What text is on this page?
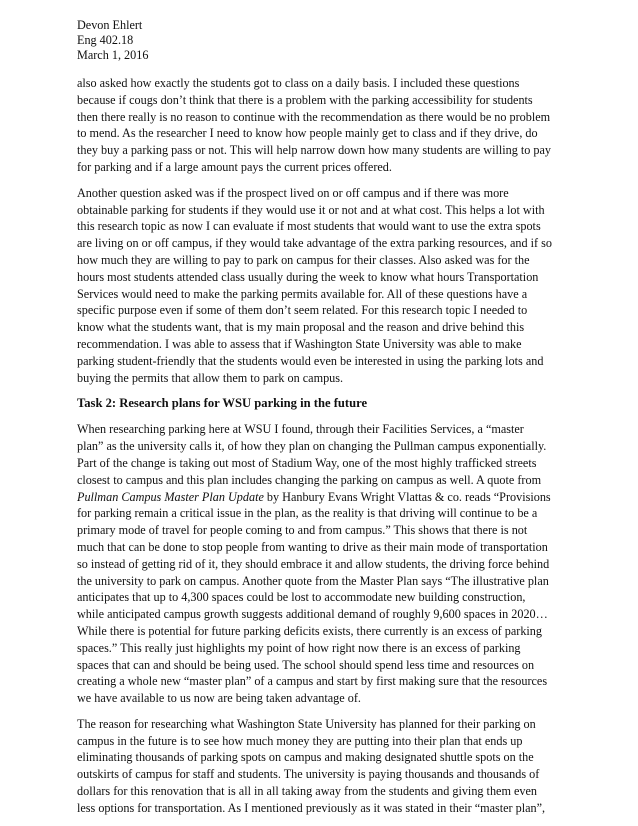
Devon Ehlert
Eng 402.18
March 1, 2016
also asked how exactly the students got to class on a daily basis. I included these questions
because if cougs don’t think that there is a problem with the parking accessibility for students
then there really is no reason to continue with the recommendation as there would be no problem
to mend. As the researcher I need to know how people mainly get to class and if they drive, do
they buy a parking pass or not. This will help narrow down how many students are willing to pay
for parking and if a large amount pays the current prices offered.
Another question asked was if the prospect lived on or off campus and if there was more
obtainable parking for students if they would use it or not and at what cost. This helps a lot with
this research topic as now I can evaluate if most students that would want to use the extra spots
are living on or off campus, if they would take advantage of the extra parking resources, and if so
how much they are willing to pay to park on campus for their classes. Also asked was for the
hours most students attended class usually during the week to know what hours Transportation
Services would need to make the parking permits available for. All of these questions have a
specific purpose even if some of them don’t seem related. For this research topic I needed to
know what the students want, that is my main proposal and the reason and drive behind this
recommendation. I was able to assess that if Washington State University was able to make
parking student-friendly that the students would even be interested in using the parking lots and
buying the permits that allow them to park on campus.
Task 2: Research plans for WSU parking in the future
When researching parking here at WSU I found, through their Facilities Services, a “master
plan” as the university calls it, of how they plan on changing the Pullman campus exponentially.
Part of the change is taking out most of Stadium Way, one of the most highly trafficked streets
closest to campus and this plan includes changing the parking on campus as well. A quote from
Pullman Campus Master Plan Update by Hanbury Evans Wright Vlattas & co. reads “Provisions
for parking remain a critical issue in the plan, as the reality is that driving will continue to be a
primary mode of travel for people coming to and from campus.” This shows that there is not
much that can be done to stop people from wanting to drive as their main mode of transportation
so instead of getting rid of it, they should embrace it and allow students, the driving force behind
the university to park on campus. Another quote from the Master Plan says “The illustrative plan
anticipates that up to 4,300 spaces could be lost to accommodate new building construction,
while anticipated campus growth suggests additional demand of roughly 9,600 spaces in 2020…
While there is potential for future parking deficits exists, there currently is an excess of parking
spaces.” This really just highlights my point of how right now there is an excess of parking
spaces that can and should be being used. The school should spend less time and resources on
creating a whole new “master plan” of a campus and start by first making sure that the resources
we have available to us now are being taken advantage of.
The reason for researching what Washington State University has planned for their parking on
campus in the future is to see how much money they are putting into their plan that ends up
eliminating thousands of parking spots on campus and making designated shuttle spots on the
outskirts of campus for staff and students. The university is paying thousands and thousands of
dollars for this renovation that is all in all taking away from the students and giving them even
less options for transportation. As I mentioned previously as it was stated in their “master plan”,
